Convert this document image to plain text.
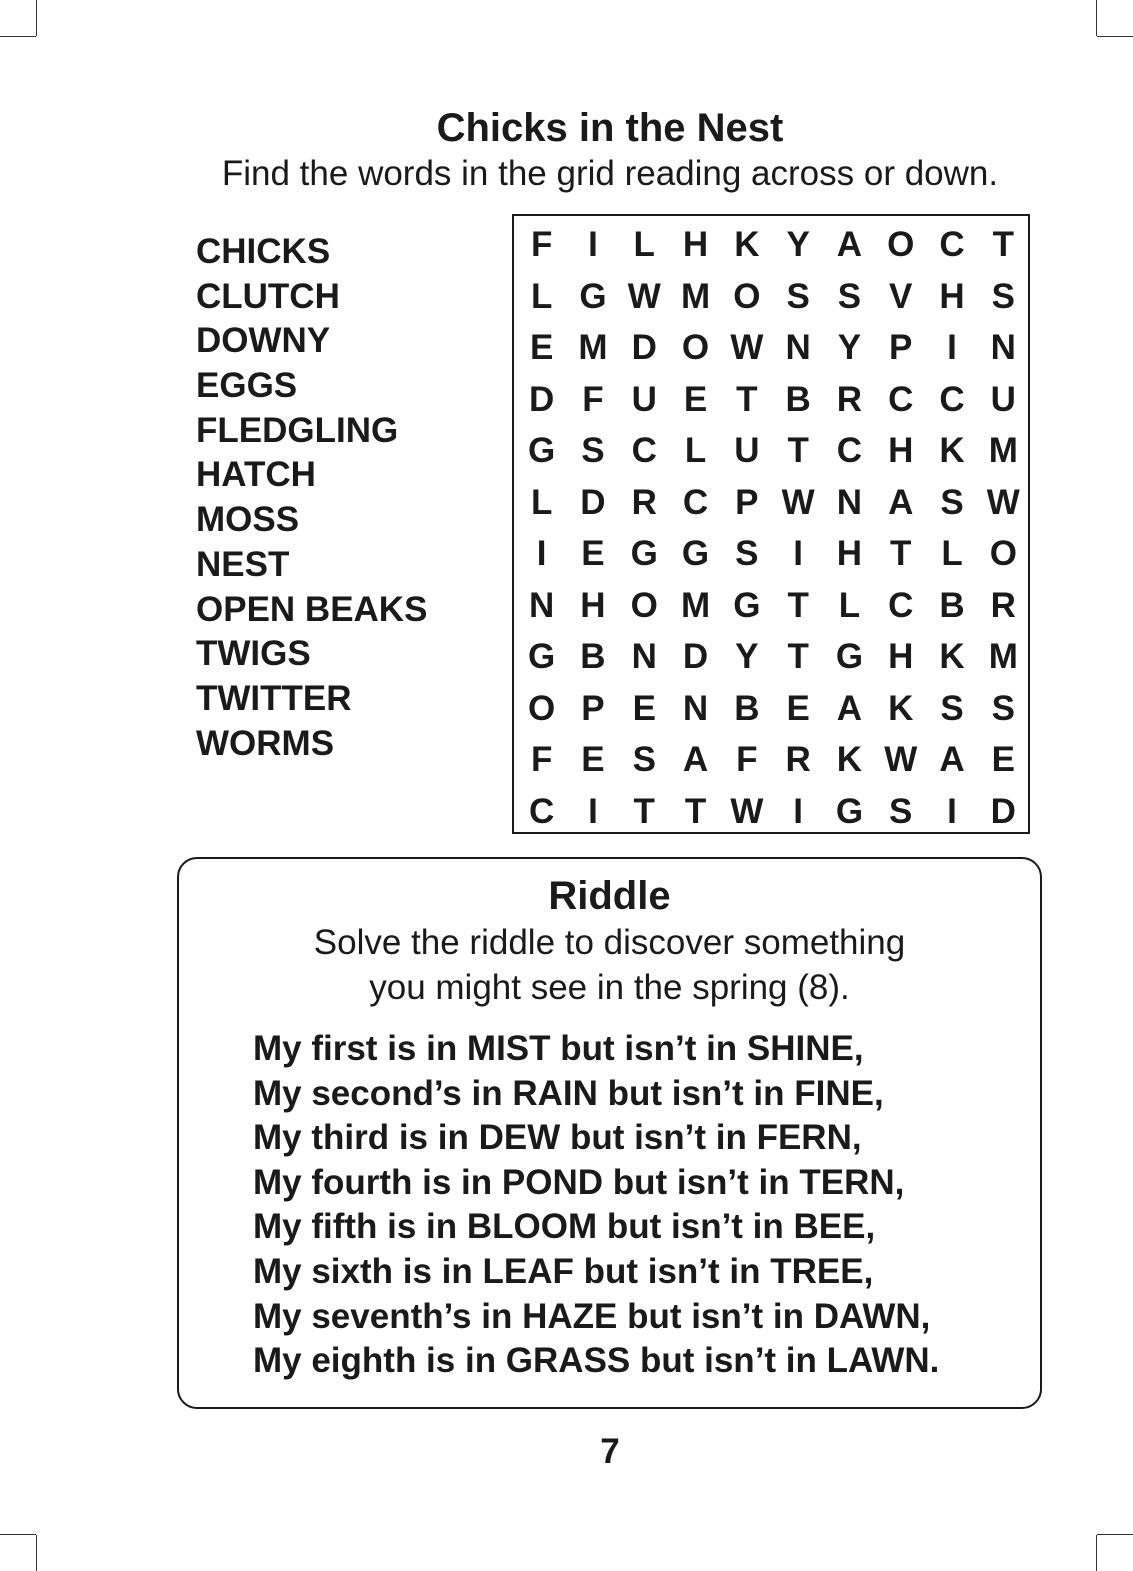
Chicks in the Nest
Find the words in the grid reading across or down.
CHICKS
CLUTCH
DOWNY
EGGS
FLEDGLING
HATCH
MOSS
NEST
OPEN BEAKS
TWIGS
TWITTER
WORMS
F	I	L H K Y A O C T
L G W M O S S V H S
E M D O W N Y P I N
D F U E T B R C C U
G S C L U T C H K M
L D R C P W N A S W
I E G G S I H T L O
N H O M G T L C B R
G B N D Y T G H K M
O P E N B E A K S S
F E S A F R K W A E
C I	T T W I G S I D
Riddle
Solve the riddle to discover something
you might see in the spring (8).
My first is in MIST but isn’t in SHINE,
My second’s in RAIN but isn’t in FINE,
My third is in DEW but isn’t in FERN,
My fourth is in POND but isn’t in TERN,
My fifth is in BLOOM but isn’t in BEE,
My sixth is in LEAF but isn’t in TREE,
My seventh’s in HAZE but isn’t in DAWN,
My eighth is in GRASS but isn’t in LAWN.
7
